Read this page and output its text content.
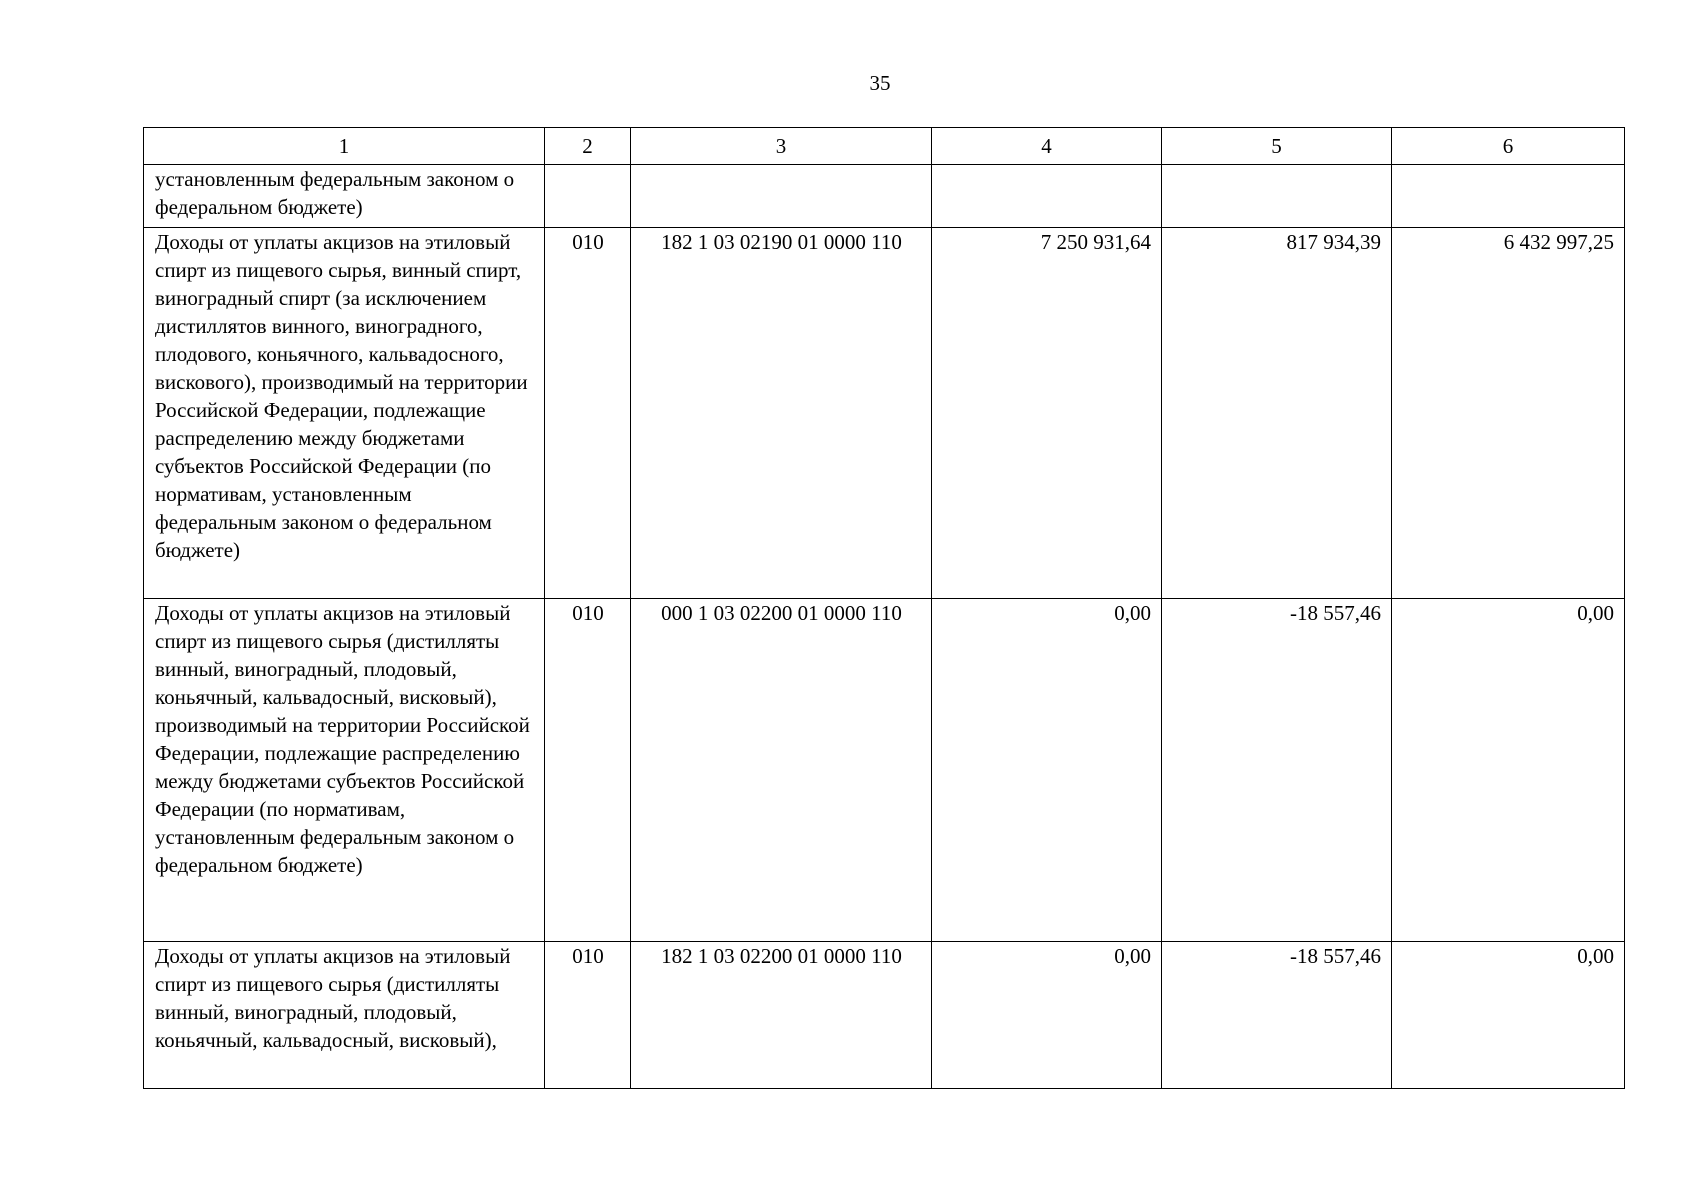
35
1	2	3	4	5	6
установленным федеральным законом о федеральном бюджете)					
Доходы от уплаты акцизов на этиловый спирт из пищевого сырья, винный спирт, виноградный спирт (за исключением дистиллятов винного, виноградного, плодового, коньячного, кальвадосного, вискового), производимый на территории Российской Федерации, подлежащие распределению между бюджетами субъектов Российской Федерации (по нормативам, установленным федеральным законом о федеральном бюджете)	010	182 1 03 02190 01 0000 110	7 250 931,64	817 934,39	6 432 997,25
Доходы от уплаты акцизов на этиловый спирт из пищевого сырья (дистилляты винный, виноградный, плодовый, коньячный, кальвадосный, висковый), производимый на территории Российской Федерации, подлежащие распределению между бюджетами субъектов Российской Федерации (по нормативам, установленным федеральным законом о федеральном бюджете)	010	000 1 03 02200 01 0000 110	0,00	-18 557,46	0,00
Доходы от уплаты акцизов на этиловый спирт из пищевого сырья (дистилляты винный, виноградный, плодовый, коньячный, кальвадосный, висковый),	010	182 1 03 02200 01 0000 110	0,00	-18 557,46	0,00
